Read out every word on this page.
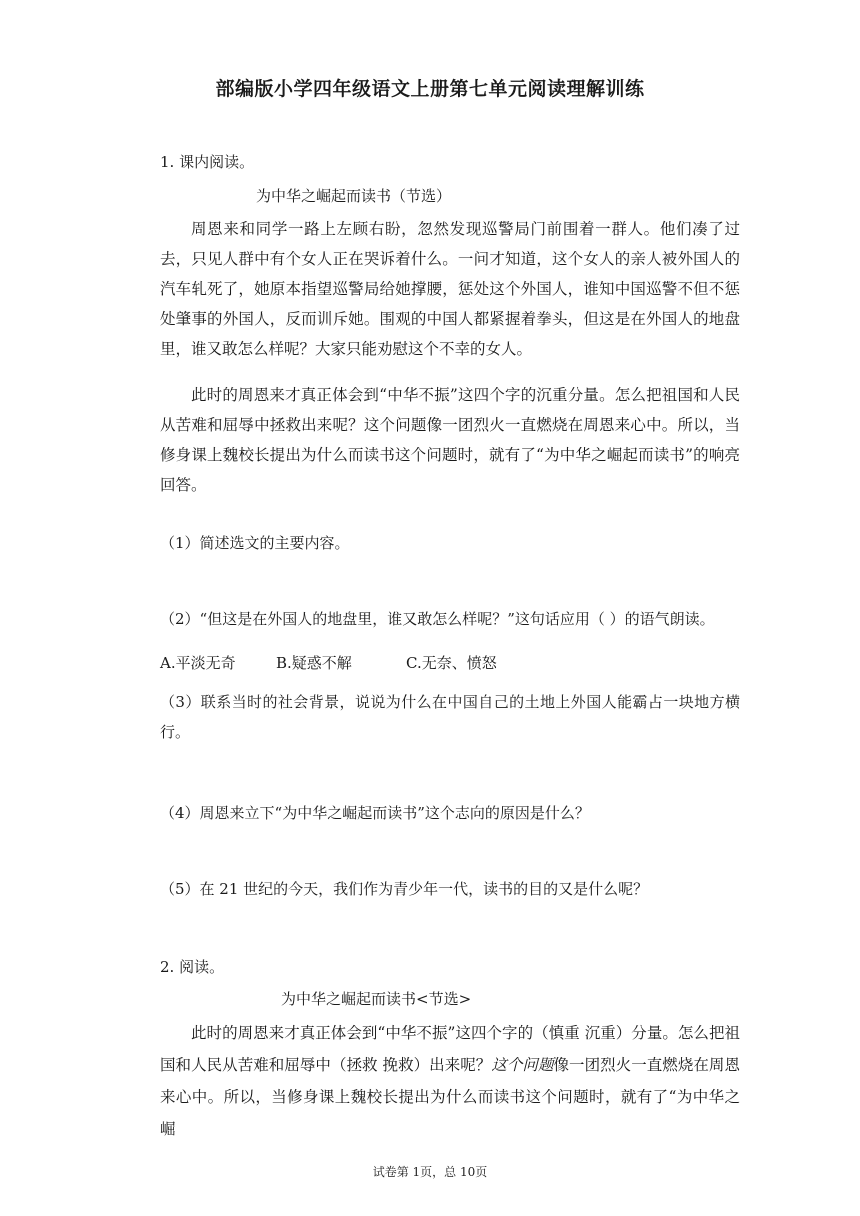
部编版小学四年级语文上册第七单元阅读理解训练
1. 课内阅读。
为中华之崛起而读书（节选）
周恩来和同学一路上左顾右盼，忽然发现巡警局门前围着一群人。他们凑了过去，只见人群中有个女人正在哭诉着什么。一问才知道，这个女人的亲人被外国人的汽车轧死了，她原本指望巡警局给她撑腰，惩处这个外国人，谁知中国巡警不但不惩处肇事的外国人，反而训斥她。围观的中国人都紧握着拳头，但这是在外国人的地盘里，谁又敢怎么样呢？大家只能劝慰这个不幸的女人。
此时的周恩来才真正体会到“中华不振”这四个字的沉重分量。怎么把祖国和人民从苦难和屈辱中拯救出来呢？这个问题像一团烈火一直燃烧在周恩来心中。所以，当修身课上魏校长提出为什么而读书这个问题时，就有了“为中华之崛起而读书”的响亮回答。
（1）简述选文的主要内容。
（2）“但这是在外国人的地盘里，谁又敢怎么样呢？”这句话应用（ ）的语气朗读。
A.平淡无奇	B.疑惑不解	C.无奈、愤怒
（3）联系当时的社会背景，说说为什么在中国自己的土地上外国人能霸占一块地方横行。
（4）周恩来立下“为中华之崛起而读书”这个志向的原因是什么？
（5）在 21 世纪的今天，我们作为青少年一代，读书的目的又是什么呢？
2. 阅读。
为中华之崛起而读书<节选>
此时的周恩来才真正体会到“中华不振”这四个字的（慎重 沉重）分量。怎么把祖国和人民从苦难和屈辱中（拯救 挽救）出来呢？这个问题像一团烈火一直燃烧在周恩来心中。所以，当修身课上魏校长提出为什么而读书这个问题时，就有了“为中华之崛
试卷第 1页，总 10页
